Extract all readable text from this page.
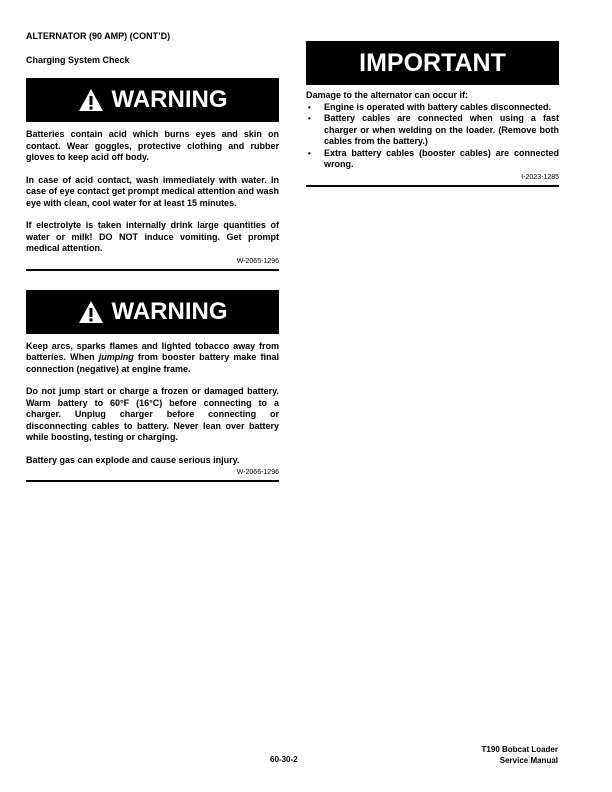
ALTERNATOR (90 AMP) (CONT’D)

Charging System Check

WARNING

Batteries contain acid which burns eyes and skin on contact. Wear goggles, protective clothing and rubber gloves to keep acid off body.

In case of acid contact, wash immediately with water. In case of eye contact get prompt medical attention and wash eye with clean, cool water for at least 15 minutes.

If electrolyte is taken internally drink large quantities of water or milk! DO NOT induce vomiting. Get prompt medical attention.

W-2065-1296
WARNING

Keep arcs, sparks flames and lighted tobacco away from batteries. When jumping from booster battery make final connection (negative) at engine frame.

Do not jump start or charge a frozen or damaged battery. Warm battery to 60°F (16°C) before connecting to a charger. Unplug charger before connecting or disconnecting cables to battery. Never lean over battery while boosting, testing or charging.

Battery gas can explode and cause serious injury.

W-2066-1296
IMPORTANT

Damage to the alternator can occur if:

• Engine is operated with battery cables disconnected.
• Battery cables are connected when using a fast charger or when welding on the loader. (Remove both cables from the battery.)
• Extra battery cables (booster cables) are connected wrong.
I-2023-1285
60-30-2
T190 Bobcat Loader
Service Manual
